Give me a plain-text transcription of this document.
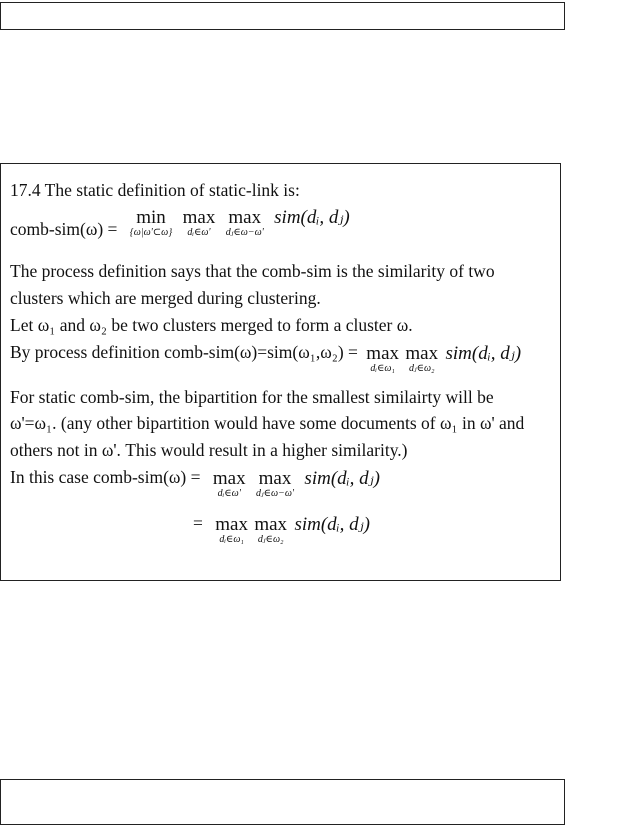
17.4 The static definition of static-link is:
comb-sim(ω) =
min
{ω|ω'⊂ω}

max
dᵢ∈ω'

max
dⱼ∈ω−ω'
sim(dᵢ, dⱼ)
The process definition says that the comb-sim is the similarity of two
clusters which are merged during clustering.
Let ω₁ and ω₂ be two clusters merged to form a cluster ω.
By process definition comb-sim(ω)=sim(ω₁,ω₂) = max
dᵢ∈ω₁

max
dⱼ∈ω₂
sim(dᵢ, dⱼ)
For static comb-sim, the bipartition for the smallest similairty will be
ω'=ω₁. (any other bipartition would have some documents of ω₁ in ω' and
others not in ω'. This would result in a higher similarity.)
In this case comb-sim(ω) = max
dᵢ∈ω'

max
dⱼ∈ω−ω'
sim(dᵢ, dⱼ)
= max
dᵢ∈ω₁

max
dⱼ∈ω₂
sim(dᵢ, dⱼ)
